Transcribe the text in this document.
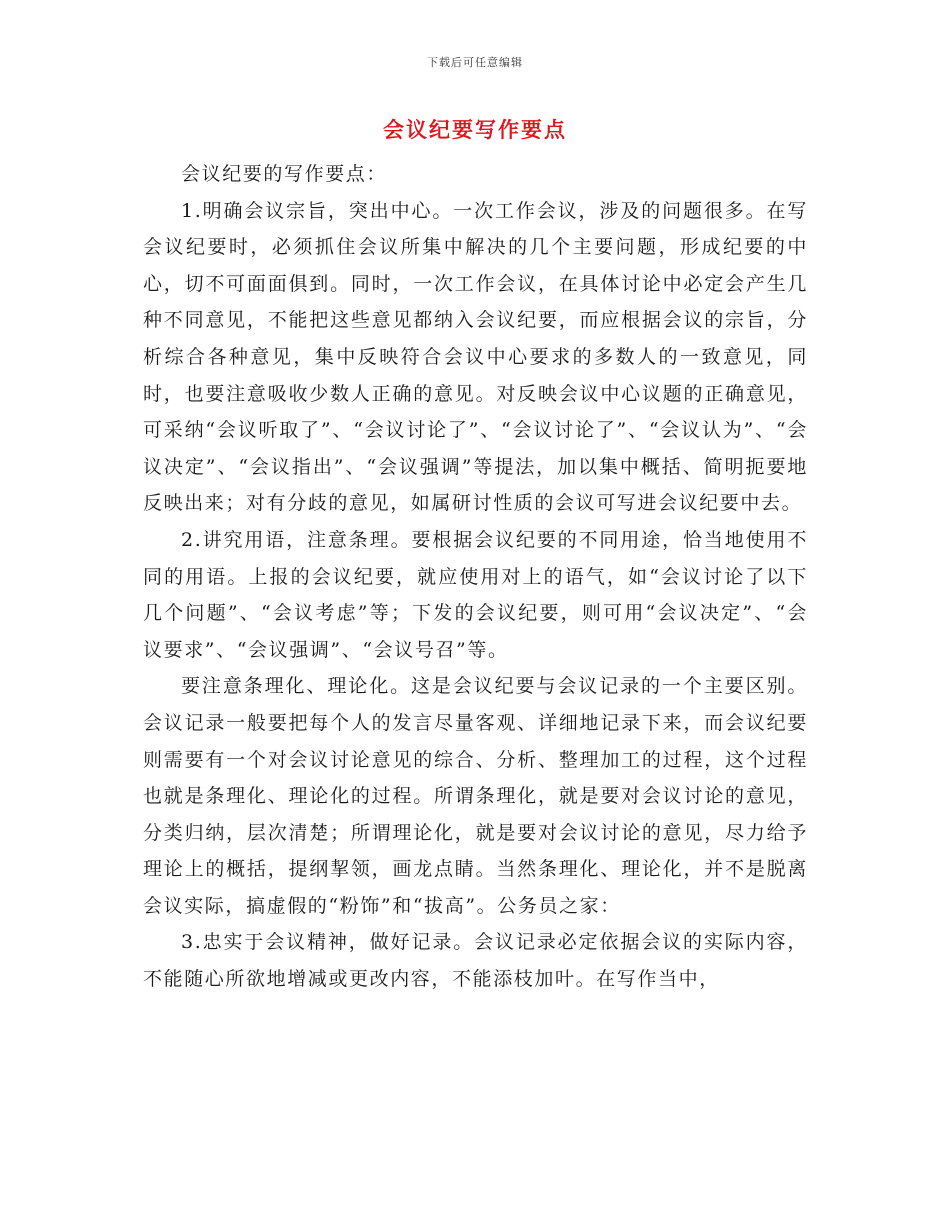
下载后可任意编辑
会议纪要写作要点

会议纪要的写作要点：

1.明确会议宗旨，突出中心。一次工作会议，涉及的问题很多。在写会议纪要时，必须抓住会议所集中解决的几个主要问题，形成纪要的中心，切不可面面俱到。同时，一次工作会议，在具体讨论中必定会产生几种不同意见，不能把这些意见都纳入会议纪要，而应根据会议的宗旨，分析综合各种意见，集中反映符合会议中心要求的多数人的一致意见，同时，也要注意吸收少数人正确的意见。对反映会议中心议题的正确意见，可采纳“会议听取了”、“会议讨论了”、“会议讨论了”、“会议认为”、“会议决定”、“会议指出”、“会议强调”等提法，加以集中概括、简明扼要地反映出来；对有分歧的意见，如属研讨性质的会议可写进会议纪要中去。

2.讲究用语，注意条理。要根据会议纪要的不同用途，恰当地使用不同的用语。上报的会议纪要，就应使用对上的语气，如“会议讨论了以下几个问题”、“会议考虑”等；下发的会议纪要，则可用“会议决定”、“会议要求”、“会议强调”、“会议号召”等。

要注意条理化、理论化。这是会议纪要与会议记录的一个主要区别。会议记录一般要把每个人的发言尽量客观、详细地记录下来，而会议纪要则需要有一个对会议讨论意见的综合、分析、整理加工的过程，这个过程也就是条理化、理论化的过程。所谓条理化，就是要对会议讨论的意见，分类归纳，层次清楚；所谓理论化，就是要对会议讨论的意见，尽力给予理论上的概括，提纲挈领，画龙点睛。当然条理化、理论化，并不是脱离会议实际，搞虚假的“粉饰”和“拔高”。公务员之家：

3.忠实于会议精神，做好记录。会议记录必定依据会议的实际内容，不能随心所欲地增减或更改内容，不能添枝加叶。在写作当中，
